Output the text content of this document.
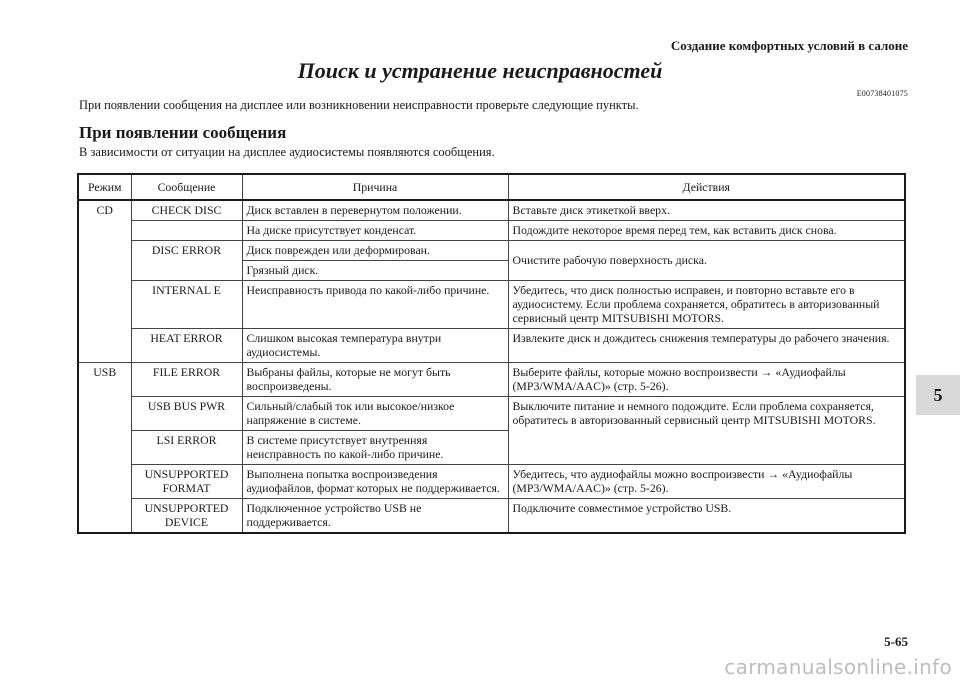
Создание комфортных условий в салоне
Поиск и устранение неисправностей
E00738401075
При появлении сообщения на дисплее или возникновении неисправности проверьте следующие пункты.
При появлении сообщения
В зависимости от ситуации на дисплее аудиосистемы появляются сообщения.
Режим	Сообщение	Причина	Действия
CD	CHECK DISC	Диск вставлен в перевернутом положении.	Вставьте диск этикеткой вверх.
		На диске присутствует конденсат.	Подождите некоторое время перед тем, как вставить диск снова.
	DISC ERROR	Диск поврежден или деформирован.	Очистите рабочую поверхность диска.
		Грязный диск.	
	INTERNAL E	Неисправность привода по какой-либо причине.	Убедитесь, что диск полностью исправен, и повторно вставьте его в аудиосистему. Если проблема сохраняется, обратитесь в авторизованный сервисный центр MITSUBISHI MOTORS.
	HEAT ERROR	Слишком высокая температура внутри аудиосистемы.	Извлеките диск и дождитесь снижения температуры до рабочего значения.
USB	FILE ERROR	Выбраны файлы, которые не могут быть воспроизведены.	Выберите файлы, которые можно воспроизвести → «Аудиофайлы (MP3/WMA/AAC)» (стр. 5-26).
	USB BUS PWR	Сильный/слабый ток или высокое/низкое напряжение в системе.	Выключите питание и немного подождите. Если проблема сохраняется, обратитесь в авторизованный сервисный центр MITSUBISHI MOTORS.
	LSI ERROR	В системе присутствует внутренняя неисправность по какой-либо причине.	
	UNSUPPORTED FORMAT	Выполнена попытка воспроизведения аудиофайлов, формат которых не поддерживается.	Убедитесь, что аудиофайлы можно воспроизвести → «Аудиофайлы (MP3/WMA/AAC)» (стр. 5-26).
	UNSUPPORTED DEVICE	Подключенное устройство USB не поддерживается.	Подключите совместимое устройство USB.
5
5-65
carmanualsonline.info
